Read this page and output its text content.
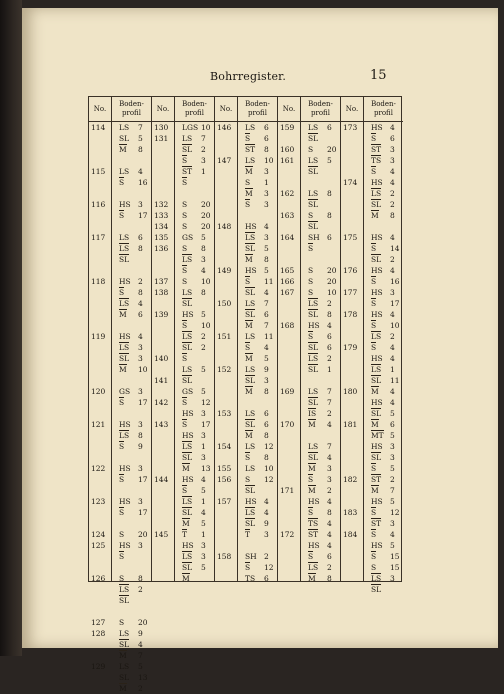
Bohrregister.	15
No.
114
115
116
117
118
119
120
121
122
123
124
125
126
127
128
129
Boden-
profil
LS 7
SL 5
M 8
LS 4
S 16
HS 3
S 17
LS 6
LS 8
SL
HS 2
S 8
LS 4
M 6
HS 4
LS 3
SL 3
M 10
GS 3
S 17
HS 3
LS 8
S 9
HS 3
S 17
HS 3
S 17
S 20
HS 3
S
S 8
LS 2
SL
S 20
LS 9
SL 4
M 7
LS 5
SL 13
M 2
No.
130
131
132
133
134
135
136
137
138
139
140
141
142
143
144
145
Boden-
profil
LGS 10
LS 7
SL 2
S 3
ST 1
S
S 20
S 20
S 20
GS 5
S 8
LS 3
S 4
S 10
LS 8
SL
HS 5
S 10
LS 2
SL 2
S
LS 5
SL
GS 5
S 12
HS 3
S 17
HS 3
LS 1
SL 3
M 13
HS 4
S 5
LS 1
SL 4
M 5
T 1
HS 3
LS 3
SL 5
M
No.
146
147
148
149
150
151
152
153
154
155
156
157
158
Boden-
profil
LS 6
S 6
ST 8
LS 10
M 3
S 1
M 3
S 3
HS 4
LS 3
SL 5
M 8
HS 5
S 11
SL 4
LS 7
SL 6
M 7
LS 11
S 4
M 5
LS 9
SL 3
M 8
LS 6
SL 6
M 8
LS 12
S 8
LS 10
S 12
SL
HS 4
LS 4
SL 9
T 3
SH 2
S 12
TS 6
No.
159
160
161
162
163
164
165
166
167
168
169
170
171
172
Boden-
profil
LS 6
SL
S 20
LS 5
SL
LS 8
SL
S 8
SL
SH 6
S
S 20
S 20
S 10
LS 2
SL 8
HS 4
S 6
SL 6
LS 2
SL 1
LS 7
SL 7
IS 2
M 4
LS 7
SL 4
M 3
S 3
M 2
HS 4
S 8
TS 4
ST 4
HS 4
S 6
LS 2
M 8
No.
173
174
175
176
177
178
179
180
181
182
183
184
Boden-
profil
HS 4
S 6
ST 3
TS 3
S 4
HS 4
LS 2
SL 2
M 8
HS 4
S 14
SL 2
HS 4
S 16
HS 3
S 17
HS 4
S 10
LS 2
S 4
HS 4
LS 1
SL 11
M 4
HS 4
SL 5
M 6
MT 5
HS 3
SL 3
S 5
ST 2
M 7
HS 5
S 12
ST 3
S 4
HS 5
S 15
S 15
LS 3
SL
